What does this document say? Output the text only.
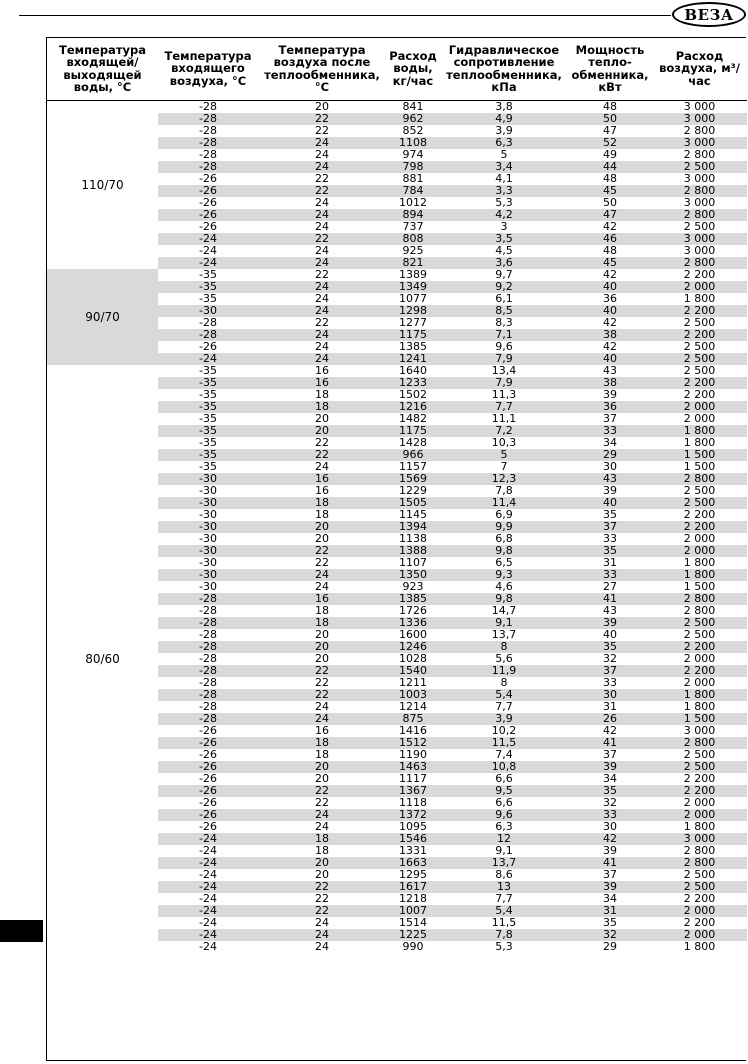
ВЕЗА
Температура входящей/ выходящей воды, °C	Температура входящего воздуха, °C	Температура воздуха после теплообменника, °C	Расход воды, кг/час	Гидравлическое сопротивление теплообменника, кПа	Мощность тепло-обменника, кВт	Расход воздуха, м³/час
110/70	-28	20	841	3,8	48	3 000
	-28	22	962	4,9	50	3 000
	-28	22	852	3,9	47	2 800
	-28	24	1108	6,3	52	3 000
	-28	24	974	5	49	2 800
	-28	24	798	3,4	44	2 500
	-26	22	881	4,1	48	3 000
	-26	22	784	3,3	45	2 800
	-26	24	1012	5,3	50	3 000
	-26	24	894	4,2	47	2 800
	-26	24	737	3	42	2 500
	-24	22	808	3,5	46	3 000
	-24	24	925	4,5	48	3 000
	-24	24	821	3,6	45	2 800
90/70	-35	22	1389	9,7	42	2 200
	-35	24	1349	9,2	40	2 000
	-35	24	1077	6,1	36	1 800
	-30	24	1298	8,5	40	2 200
	-28	22	1277	8,3	42	2 500
	-28	24	1175	7,1	38	2 200
	-26	24	1385	9,6	42	2 500
	-24	24	1241	7,9	40	2 500
80/60	-35	16	1640	13,4	43	2 500
	-35	16	1233	7,9	38	2 200
	-35	18	1502	11,3	39	2 200
	-35	18	1216	7,7	36	2 000
	-35	20	1482	11,1	37	2 000
	-35	20	1175	7,2	33	1 800
	-35	22	1428	10,3	34	1 800
	-35	22	966	5	29	1 500
	-35	24	1157	7	30	1 500
	-30	16	1569	12,3	43	2 800
	-30	16	1229	7,8	39	2 500
	-30	18	1505	11,4	40	2 500
	-30	18	1145	6,9	35	2 200
	-30	20	1394	9,9	37	2 200
	-30	20	1138	6,8	33	2 000
	-30	22	1388	9,8	35	2 000
	-30	22	1107	6,5	31	1 800
	-30	24	1350	9,3	33	1 800
	-30	24	923	4,6	27	1 500
	-28	16	1385	9,8	41	2 800
	-28	18	1726	14,7	43	2 800
	-28	18	1336	9,1	39	2 500
	-28	20	1600	13,7	40	2 500
	-28	20	1246	8	35	2 200
	-28	20	1028	5,6	32	2 000
	-28	22	1540	11,9	37	2 200
	-28	22	1211	8	33	2 000
	-28	22	1003	5,4	30	1 800
	-28	24	1214	7,7	31	1 800
	-28	24	875	3,9	26	1 500
	-26	16	1416	10,2	42	3 000
	-26	18	1512	11,5	41	2 800
	-26	18	1190	7,4	37	2 500
	-26	20	1463	10,8	39	2 500
	-26	20	1117	6,6	34	2 200
	-26	22	1367	9,5	35	2 200
	-26	22	1118	6,6	32	2 000
	-26	24	1372	9,6	33	2 000
	-26	24	1095	6,3	30	1 800
	-24	18	1546	12	42	3 000
	-24	18	1331	9,1	39	2 800
	-24	20	1663	13,7	41	2 800
	-24	20	1295	8,6	37	2 500
	-24	22	1617	13	39	2 500
	-24	22	1218	7,7	34	2 200
	-24	22	1007	5,4	31	2 000
	-24	24	1514	11,5	35	2 200
	-24	24	1225	7,8	32	2 000
	-24	24	990	5,3	29	1 800
